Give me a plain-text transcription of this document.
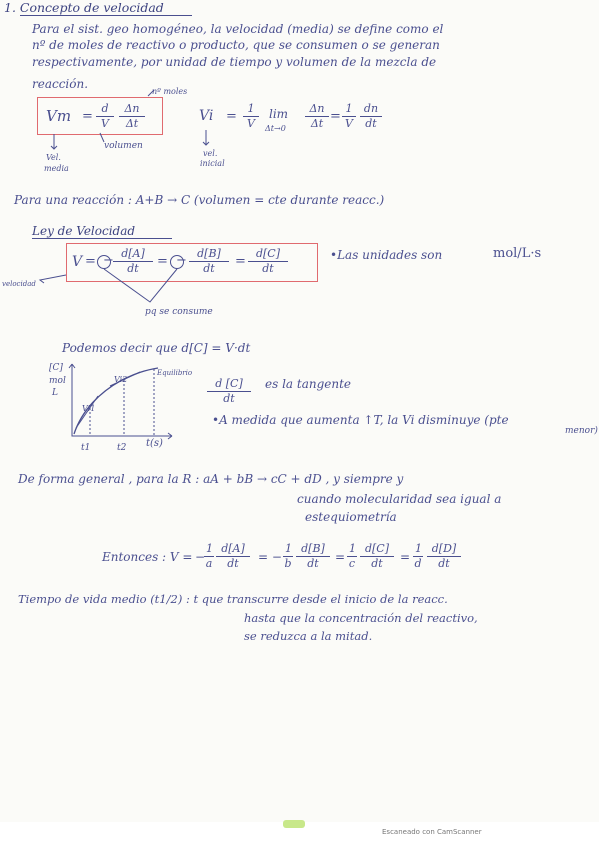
1. Concepto de velocidad
Para el sist. geo homogéneo, la velocidad (media) se define como el
nº de moles de reactivo o producto, que se consumen o se generan
respectivamente, por unidad de tiempo y volumen de la mezcla de
reacción.
$Vm = \frac{d}{V} \frac{\Delta n}{\Delta t}$
nº moles
volumen
Vel.
media
$Vi = \frac{1}{V}$ lim
$\Delta t\to 0 \frac{\Delta n}{\Delta t} = \frac{1}{V} \frac{dn}{dt}$
vel.
inicial
Para una reacción : A+B → C (volumen = cte durante reacc.)
Ley de Velocidad
V = − $\frac{d[A]}{dt}$ = − $\frac{d[B]}{dt} = \frac{d[C]}{dt}$
velocidad
pq se consume
•Las unidades son	mol/L·s
Podemos decir que d[C] = V·dt
[C]
mol
L
t1	t2 t(s)
Vi1
Vi2
Equilibrio
$\frac{d [C]}{dt}$ es la tangente
•A medida que aumenta ↑T, la Vi disminuye (pte
menor)
De forma general , para la R : aA + bB → cC + dD , y siempre y
cuando molecularidad sea igual a
estequiometría
Entonces : V = −
$\frac{1}{a} \frac{d[A]}{dt}$ = − $\frac{1}{b} \frac{d[B]}{dt} = \frac{1}{c} \frac{d[C]}{dt} = \frac{1}{d} \frac{d[D]}{dt}$
Tiempo de vida medio (t1/2) : t que transcurre desde el inicio de la reacc.
hasta que la concentración del reactivo,
se reduzca a la mitad.
Escaneado con CamScanner
